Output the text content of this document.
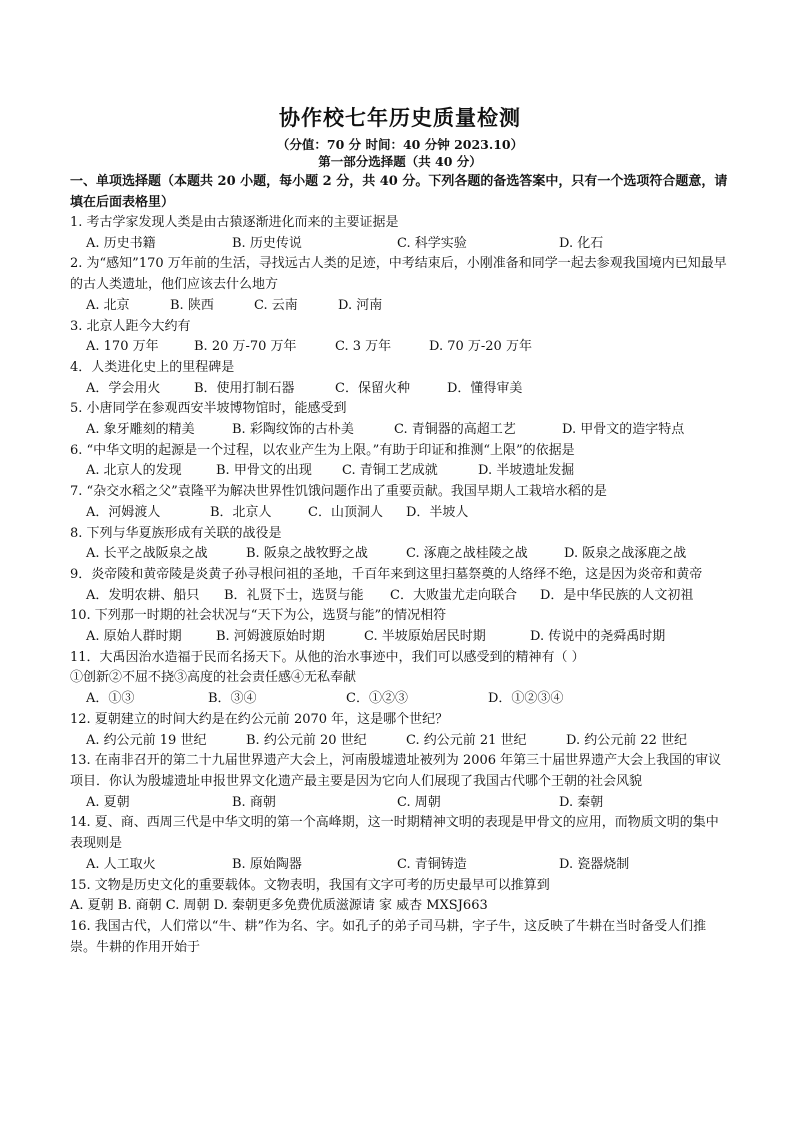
协作校七年历史质量检测

（分值：70 分 时间：40 分钟 2023.10）

第一部分选择题（共 40 分）

一、单项选择题（本题共 20 小题，每小题 2 分，共 40 分。下列各题的备选答案中，只有一个选项符合题意，请填在后面表格里）

1. 考古学家发现人类是由古猿逐渐进化而来的主要证据是

A. 历史书籍	B. 历史传说	C. 科学实验	D. 化石

2. 为“感知”170 万年前的生活，寻找远古人类的足迹，中考结束后，小刚准备和同学一起去参观我国境内已知最早的古人类遗址，他们应该去什么地方

A. 北京	B. 陕西	C. 云南	D. 河南

3. 北京人距今大约有

A. 170 万年	B. 20 万-70 万年	C. 3 万年	D. 70 万-20 万年

4．人类进化史上的里程碑是

A．学会用火	B．使用打制石器	C．保留火种	D．懂得审美

5. 小唐同学在参观西安半坡博物馆时，能感受到

A. 象牙雕刻的精美	B. 彩陶纹饰的古朴美	C. 青铜器的高超工艺	D. 甲骨文的造字特点

6. “中华文明的起源是一个过程，以农业产生为上限。”有助于印证和推测“上限”的依据是

A. 北京人的发现	B. 甲骨文的出现	C. 青铜工艺成就	D. 半坡遗址发掘

7. “杂交水稻之父”袁隆平为解决世界性饥饿问题作出了重要贡献。我国早期人工栽培水稻的是

A．河姆渡人	B．北京人	C．山顶洞人	D．半坡人

8. 下列与华夏族形成有关联的战役是

A. 长平之战阪泉之战	B. 阪泉之战牧野之战	C. 涿鹿之战桂陵之战	D. 阪泉之战涿鹿之战

9．炎帝陵和黄帝陵是炎黄子孙寻根问祖的圣地，千百年来到这里扫墓祭奠的人络绎不绝，这是因为炎帝和黄帝

A．发明农耕、船只	B．礼贤下士，选贤与能	C．大败蚩尤走向联合	D．是中华民族的人文初祖

10. 下列那一时期的社会状况与“天下为公，选贤与能”的情况相符

A. 原始人群时期	B. 河姆渡原始时期	C. 半坡原始居民时期	D. 传说中的尧舜禹时期

11．大禹因治水造福于民而名扬天下。从他的治水事迹中，我们可以感受到的精神有（ ）

①创新②不屈不挠③高度的社会责任感④无私奉献

A．①③	B．③④	C．①②③	D．①②③④

12. 夏朝建立的时间大约是在约公元前 2070 年，这是哪个世纪？

A. 约公元前 19 世纪	B. 约公元前 20 世纪	C. 约公元前 21 世纪	D. 约公元前 22 世纪

13. 在南非召开的第二十九届世界遗产大会上，河南殷墟遗址被列为 2006 年第三十届世界遗产大会上我国的审议项目．你认为殷墟遗址申报世界文化遗产最主要是因为它向人们展现了我国古代哪个王朝的社会风貌

A. 夏朝	B. 商朝	C. 周朝	D. 秦朝

14. 夏、商、西周三代是中华文明的第一个高峰期，这一时期精神文明的表现是甲骨文的应用，而物质文明的集中表现则是

A. 人工取火	B. 原始陶器	C. 青铜铸造	D. 瓷器烧制

15. 文物是历史文化的重要载体。文物表明，我国有文字可考的历史最早可以推算到

A. 夏朝 B. 商朝 C. 周朝 D. 秦朝更多免费优质滋源请 家 威杏 MXSJ663

16. 我国古代，人们常以“牛、耕”作为名、字。如孔子的弟子司马耕，字子牛，这反映了牛耕在当时备受人们推崇。牛耕的作用开始于
